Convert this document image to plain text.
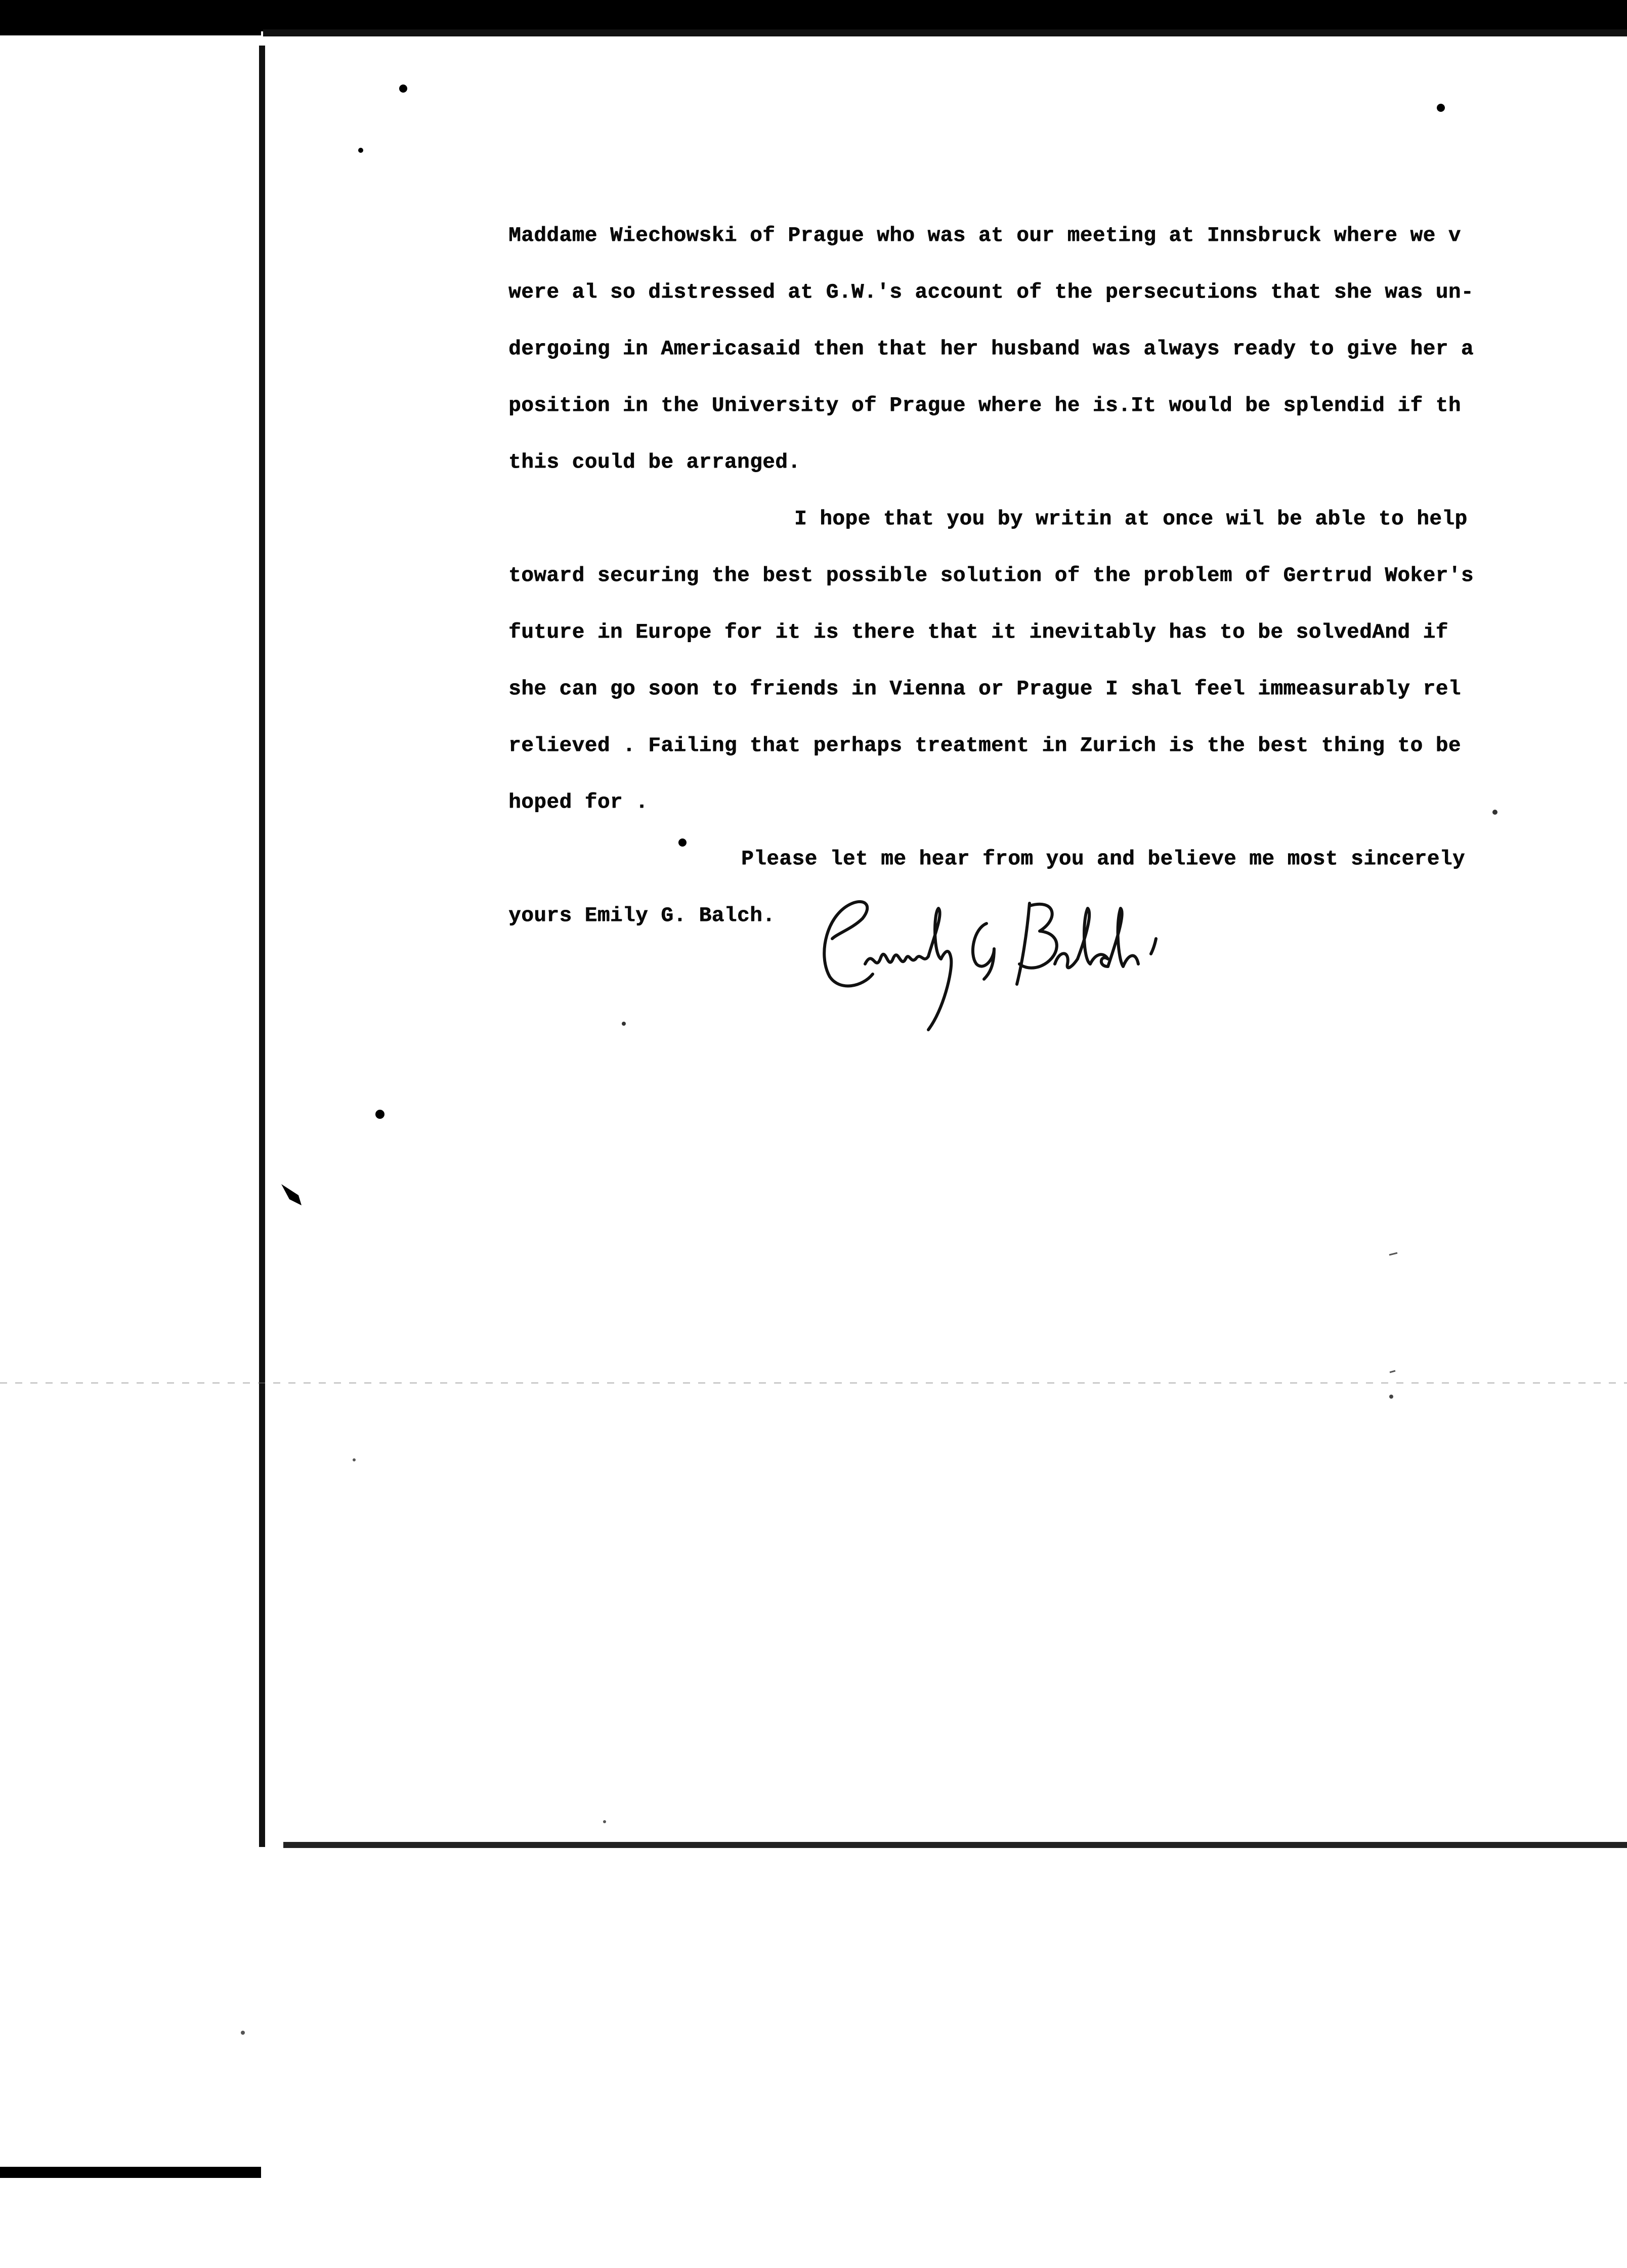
Maddame Wiechowski of Prague who was at our meeting at Innsbruck where we v
were al so distressed at G.W.'s account of the persecutions that she was un-
dergoing in Americasaid then that her husband was always ready to give her a
position in the University of Prague where he is.It would be splendid if th
this could be arranged.
I hope that you by writin at once wil be able to help
toward securing the best possible solution of the problem of Gertrud Woker's
future in Europe for it is there that it inevitably has to be solvedAnd if
she can go soon to friends in Vienna or Prague I shal feel immeasurably rel
relieved . Failing that perhaps treatment in Zurich is the best thing to be
hoped for .
Please let me hear from you and believe me most sincerely
yours Emily G. Balch.
